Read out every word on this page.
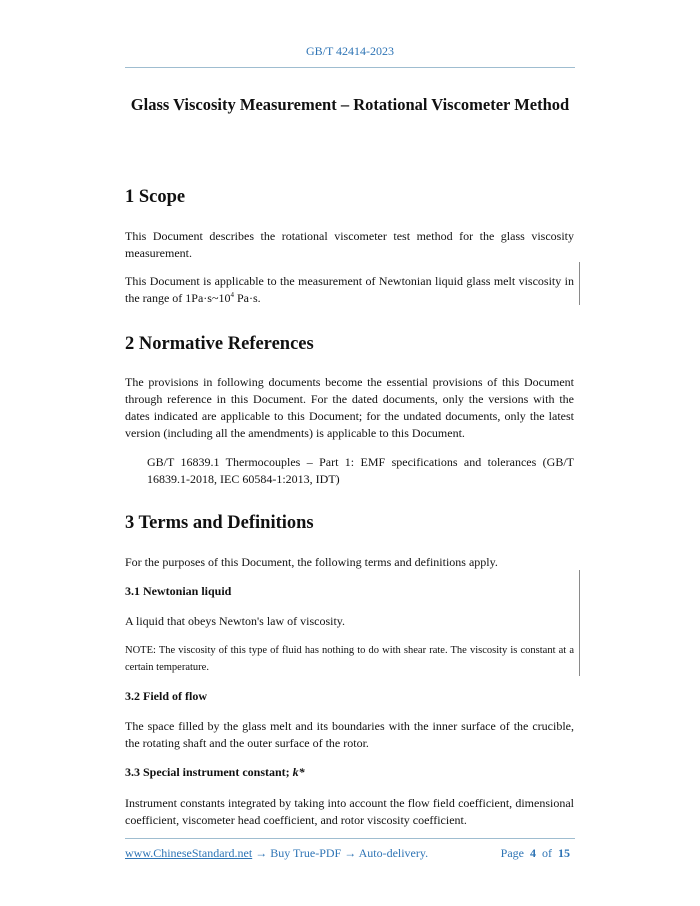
GB/T 42414-2023
Glass Viscosity Measurement – Rotational Viscometer Method
1 Scope
This Document describes the rotational viscometer test method for the glass viscosity measurement.
This Document is applicable to the measurement of Newtonian liquid glass melt viscosity in the range of $1Pa\cdot s\sim 10^4$ Pa·s.
2 Normative References
The provisions in following documents become the essential provisions of this Document through reference in this Document. For the dated documents, only the versions with the dates indicated are applicable to this Document; for the undated documents, only the latest version (including all the amendments) is applicable to this Document.
GB/T 16839.1 Thermocouples – Part 1: EMF specifications and tolerances (GB/T 16839.1-2018, IEC 60584-1:2013, IDT)
3 Terms and Definitions
For the purposes of this Document, the following terms and definitions apply.
3.1 Newtonian liquid
A liquid that obeys Newton's law of viscosity.
NOTE: The viscosity of this type of fluid has nothing to do with shear rate. The viscosity is constant at a certain temperature.
3.2 Field of flow
The space filled by the glass melt and its boundaries with the inner surface of the crucible, the rotating shaft and the outer surface of the rotor.
3.3 Special instrument constant; k*
Instrument constants integrated by taking into account the flow field coefficient, dimensional coefficient, viscometer head coefficient, and rotor viscosity coefficient.
www.ChineseStandard.net → Buy True-PDF → Auto-delivery.	Page 4 of 15
